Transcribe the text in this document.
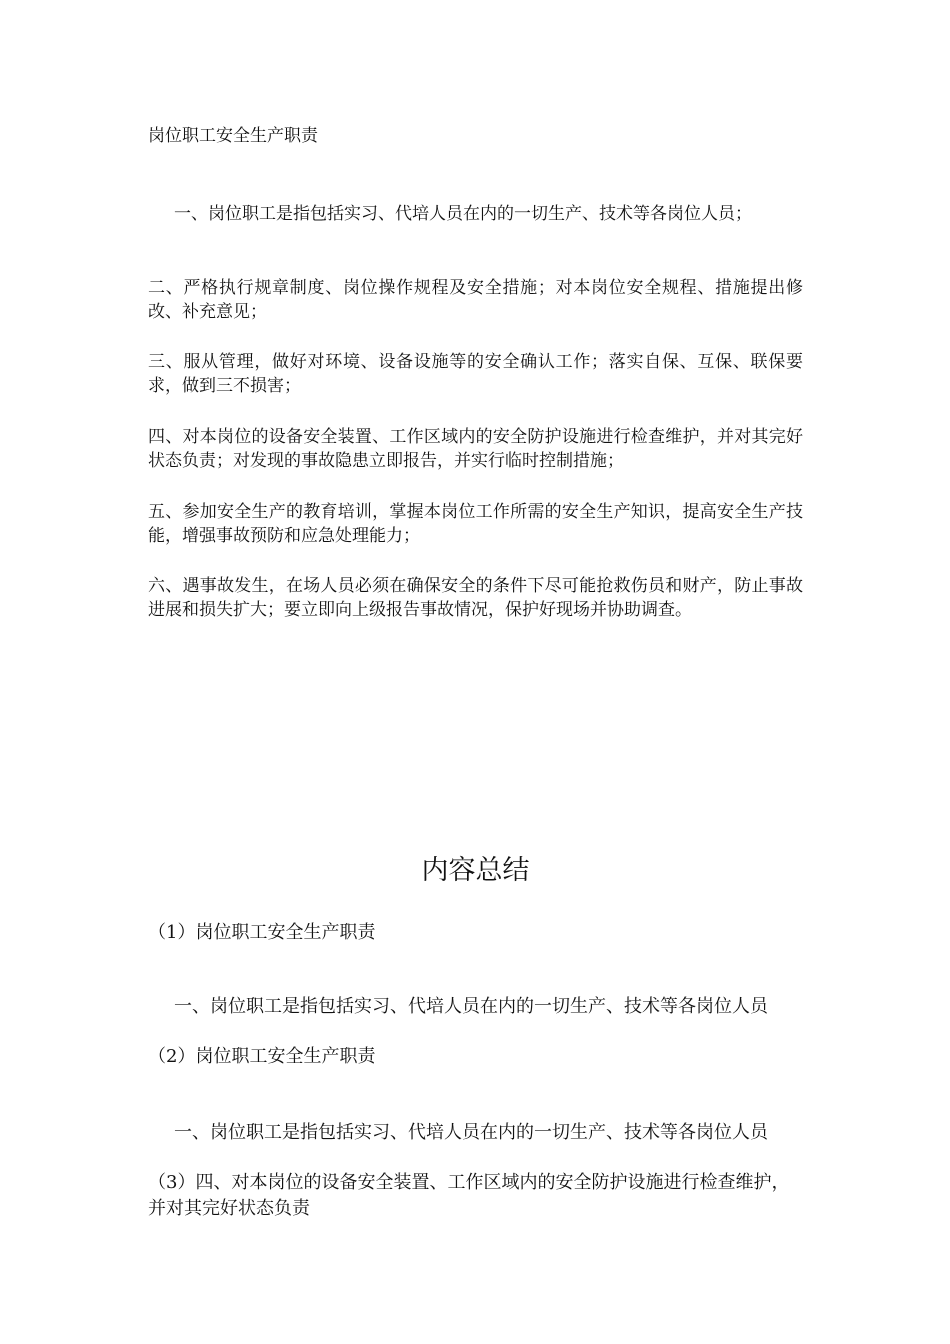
岗位职工安全生产职责

一、岗位职工是指包括实习、代培人员在内的一切生产、技术等各岗位人员；

二、严格执行规章制度、岗位操作规程及安全措施；对本岗位安全规程、措施提出修改、补充意见；

三、服从管理，做好对环境、设备设施等的安全确认工作；落实自保、互保、联保要求，做到三不损害；

四、对本岗位的设备安全装置、工作区域内的安全防护设施进行检查维护，并对其完好状态负责；对发现的事故隐患立即报告，并实行临时控制措施；

五、参加安全生产的教育培训，掌握本岗位工作所需的安全生产知识，提高安全生产技能，增强事故预防和应急处理能力；

六、遇事故发生，在场人员必须在确保安全的条件下尽可能抢救伤员和财产，防止事故进展和损失扩大；要立即向上级报告事故情况，保护好现场并协助调查。

内容总结

（1）岗位职工安全生产职责

一、岗位职工是指包括实习、代培人员在内的一切生产、技术等各岗位人员

（2）岗位职工安全生产职责

一、岗位职工是指包括实习、代培人员在内的一切生产、技术等各岗位人员

（3）四、对本岗位的设备安全装置、工作区域内的安全防护设施进行检查维护，并对其完好状态负责
